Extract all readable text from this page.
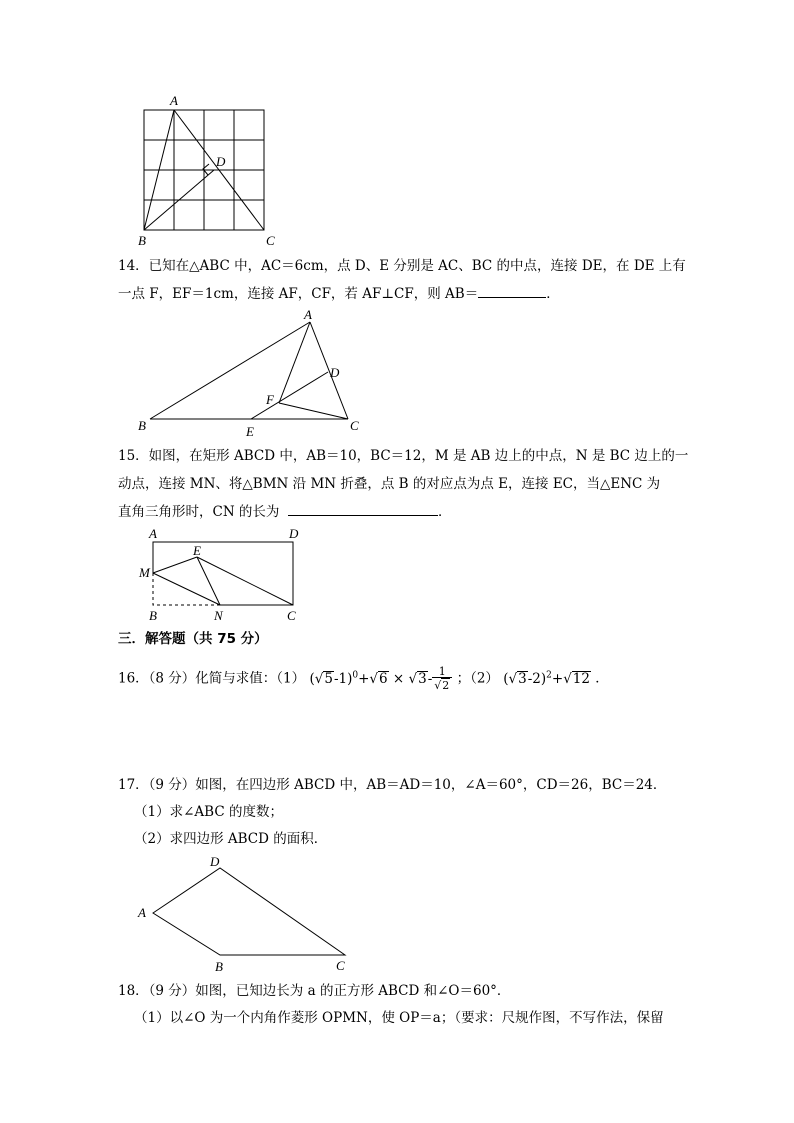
A
D
B	C
14．已知在△ABC 中，AC＝6cm，点 D、E 分别是 AC、BC 的中点，连接 DE，在 DE 上有
一点 F，EF＝1cm，连接 AF，CF，若 AF⊥CF，则 AB＝	．
A
D
F
B	E	C
15．如图，在矩形 ABCD 中，AB＝10，BC＝12，M 是 AB 边上的中点，N 是 BC 边上的一
动点，连接 MN、将△BMN 沿 MN 折叠，点 B 的对应点为点 E，连接 EC，当△ENC 为
直角三角形时，CN 的长为	．
A	D
E
M
B	N	C
三．解答题（共 75 分）
16．（8 分）化简与求值：（1） $(√5-1)^0+√6 \times √3- \frac{1}{√2}$ ；（2） $(√3-2)^2+√12$ ．
17．（9 分）如图，在四边形 ABCD 中，AB＝AD＝10，∠A＝60°，CD＝26，BC＝24．
（1）求∠ABC 的度数；
（2）求四边形 ABCD 的面积．
D
A
B	C
18．（9 分）如图，已知边长为 a 的正方形 ABCD 和∠O＝60°．
（1）以∠O 为一个内角作菱形 OPMN，使 OP＝a；（要求：尺规作图，不写作法，保留
